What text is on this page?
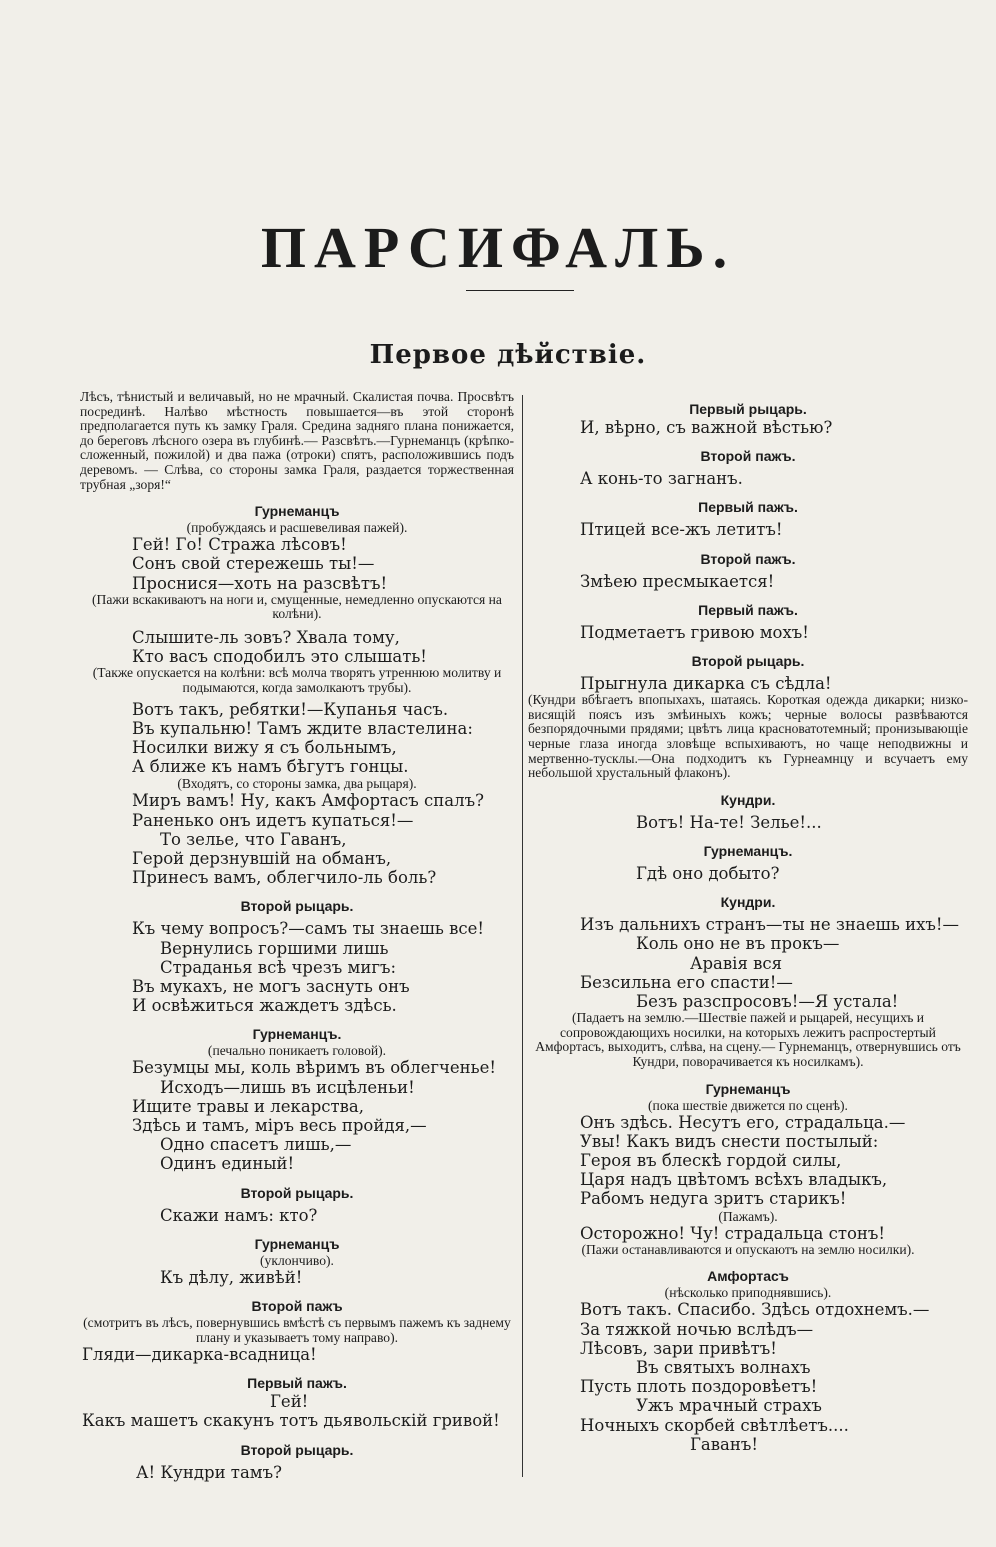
ПАРСИФАЛЬ.
Первое дѣйствіе.
Лѣсъ, тѣнистый и величавый, но не мрачный. Скалистая почва. Просвѣтъ посрединѣ. Налѣво мѣстность повышается—въ этой сторонѣ предполагается путь къ замку Граля. Средина задняго плана понижается, до береговъ лѣсного озера въ глубинѣ.— Разсвѣтъ.—Гурнеманцъ (крѣпко-сложенный, пожилой) и два пажа (отроки) спятъ, расположившись подъ деревомъ. — Слѣва, со стороны замка Граля, раздается торжественная трубная „зоря!“
Гурнеманцъ
(пробуждаясь и расшевеливая пажей).
Гей! Го! Стража лѣсовъ!
Сонъ свой стережешь ты!—
Проснися—хоть на разсвѣтъ!
(Пажи вскакиваютъ на ноги и, смущенные, немедленно опускаются на колѣни).
Слышите-ль зовъ? Хвала тому,
Кто васъ сподобилъ это слышать!
(Также опускается на колѣни: всѣ молча творятъ утреннюю молитву и подымаются, когда замолкаютъ трубы).
Вотъ такъ, ребятки!—Купанья часъ.
Въ купальню! Тамъ ждите властелина:
Носилки вижу я съ больнымъ,
А ближе къ намъ бѣгутъ гонцы.
(Входятъ, со стороны замка, два рыцаря).
Миръ вамъ! Ну, какъ Амфортасъ спалъ?
Раненько онъ идетъ купаться!—
То зелье, что Гаванъ,
Герой дерзнувшій на обманъ,
Принесъ вамъ, облегчило-ль боль?
Второй рыцарь.
Къ чему вопросъ?—самъ ты знаешь все!
Вернулись горшими лишь
Страданья всѣ чрезъ мигъ:
Въ мукахъ, не могъ заснуть онъ
И освѣжиться жаждетъ здѣсь.
Гурнеманцъ.
(печально поникаетъ головой).
Безумцы мы, коль вѣримъ въ облегченье!
Исходъ—лишь въ исцѣленьи!
Ищите травы и лекарства,
Здѣсь и тамъ, міръ весь пройдя,—
Одно спасетъ лишь,—
Одинъ единый!
Второй рыцарь.
Скажи намъ: кто?
Гурнеманцъ
(уклончиво).
Къ дѣлу, живѣй!
Второй пажъ
(смотритъ въ лѣсъ, повернувшись вмѣстѣ съ первымъ пажемъ къ заднему плану и указываетъ тому направо).
Гляди—дикарка-всадница!
Первый пажъ.
Гей!
Какъ машетъ скакунъ тотъ дьявольскій гривой!
Второй рыцарь.
А! Кундри тамъ?
Первый рыцарь.
И, вѣрно, съ важной вѣстью?
Второй пажъ.
А конь-то загнанъ.
Первый пажъ.
Птицей все-жъ летитъ!
Второй пажъ.
Змѣею пресмыкается!
Первый пажъ.
Подметаетъ гривою мохъ!
Второй рыцарь.
Прыгнула дикарка съ сѣдла!
(Кундри вбѣгаетъ впопыхахъ, шатаясь. Короткая одежда дикарки; низко-висящій поясъ изъ змѣиныхъ кожъ; черные волосы развѣваются безпорядочными прядями; цвѣтъ лица красноватотемный; пронизывающіе черные глаза иногда зловѣще вспыхиваютъ, но чаще неподвижны и мертвенно-тусклы.—Она подходитъ къ Гурнеамнцу и всучаетъ ему небольшой хрустальный флаконъ).
Кундри.
Вотъ! На-те! Зелье!...
Гурнеманцъ.
Гдѣ оно добыто?
Кундри.
Изъ дальнихъ странъ—ты не знаешь ихъ!—
Коль оно не въ прокъ—
Аравія вся
Безсильна его спасти!—
Безъ разспросовъ!—Я устала!
(Падаетъ на землю.—Шествіе пажей и рыцарей, несущихъ и сопровождающихъ носилки, на которыхъ лежитъ распростертый Амфортасъ, выходитъ, слѣва, на сцену.— Гурнеманцъ, отвернувшись отъ Кундри, поворачивается къ носилкамъ).
Гурнеманцъ
(пока шествіе движется по сценѣ).
Онъ здѣсь. Несутъ его, страдальца.—
Увы! Какъ видъ снести постылый:
Героя въ блескѣ гордой силы,
Царя надъ цвѣтомъ всѣхъ владыкъ,
Рабомъ недуга зритъ старикъ!
(Пажамъ).
Осторожно! Чу! страдальца стонъ!
(Пажи останавливаются и опускаютъ на землю носилки).
Амфортасъ
(нѣсколько приподнявшись).
Вотъ такъ. Спасибо. Здѣсь отдохнемъ.—
За тяжкой ночью вслѣдъ—
Лѣсовъ, зари привѣтъ!
Въ святыхъ волнахъ
Пусть плоть поздоровѣетъ!
Ужъ мрачный страхъ
Ночныхъ скорбей свѣтлѣетъ....
Гаванъ!
